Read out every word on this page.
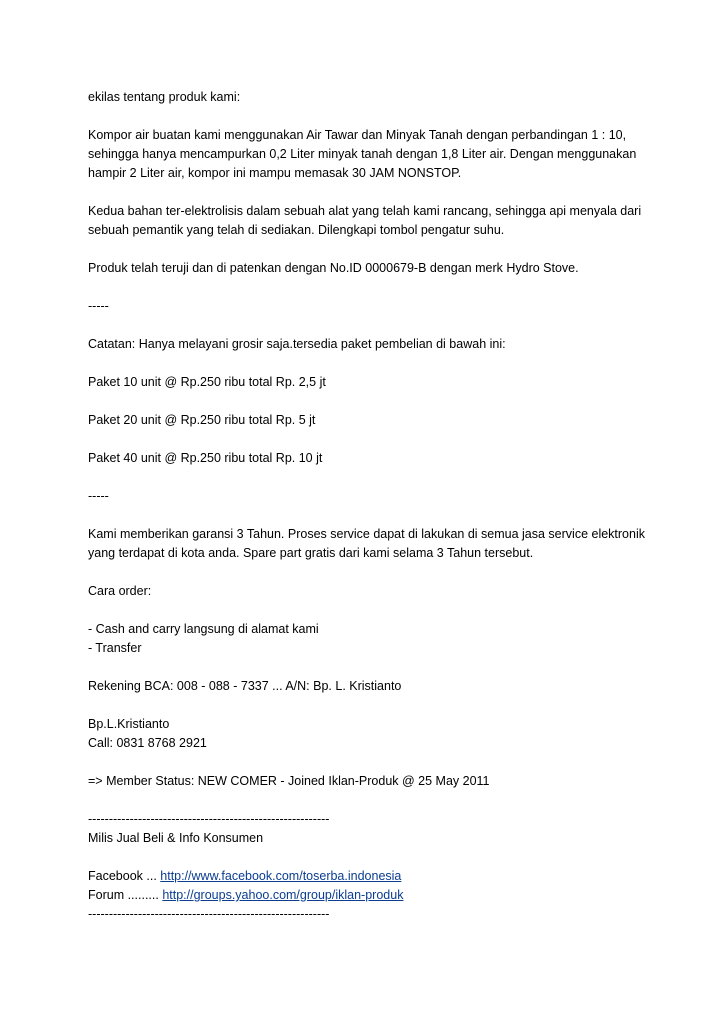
ekilas tentang produk kami:

Kompor air buatan kami menggunakan Air Tawar dan Minyak Tanah dengan perbandingan 1 : 10,
sehingga hanya mencampurkan 0,2 Liter minyak tanah dengan 1,8 Liter air. Dengan menggunakan
hampir 2 Liter air, kompor ini mampu memasak 30 JAM NONSTOP.

Kedua bahan ter-elektrolisis dalam sebuah alat yang telah kami rancang, sehingga api menyala dari
sebuah pemantik yang telah di sediakan. Dilengkapi tombol pengatur suhu.

Produk telah teruji dan di patenkan dengan No.ID 0000679-B dengan merk Hydro Stove.

-----

Catatan: Hanya melayani grosir saja.tersedia paket pembelian di bawah ini:

Paket 10 unit @ Rp.250 ribu total Rp. 2,5 jt

Paket 20 unit @ Rp.250 ribu total Rp. 5 jt

Paket 40 unit @ Rp.250 ribu total Rp. 10 jt

-----

Kami memberikan garansi 3 Tahun. Proses service dapat di lakukan di semua jasa service elektronik
yang terdapat di kota anda. Spare part gratis dari kami selama 3 Tahun tersebut.

Cara order:

- Cash and carry langsung di alamat kami
- Transfer

Rekening BCA: 008 - 088 - 7337 ... A/N: Bp. L. Kristianto

Bp.L.Kristianto
Call: 0831 8768 2921

=> Member Status: NEW COMER - Joined Iklan-Produk @ 25 May 2011

----------------------------------------------------------
Milis Jual Beli & Info Konsumen

Facebook ... http://www.facebook.com/toserba.indonesia
Forum ......... http://groups.yahoo.com/group/iklan-produk
----------------------------------------------------------
